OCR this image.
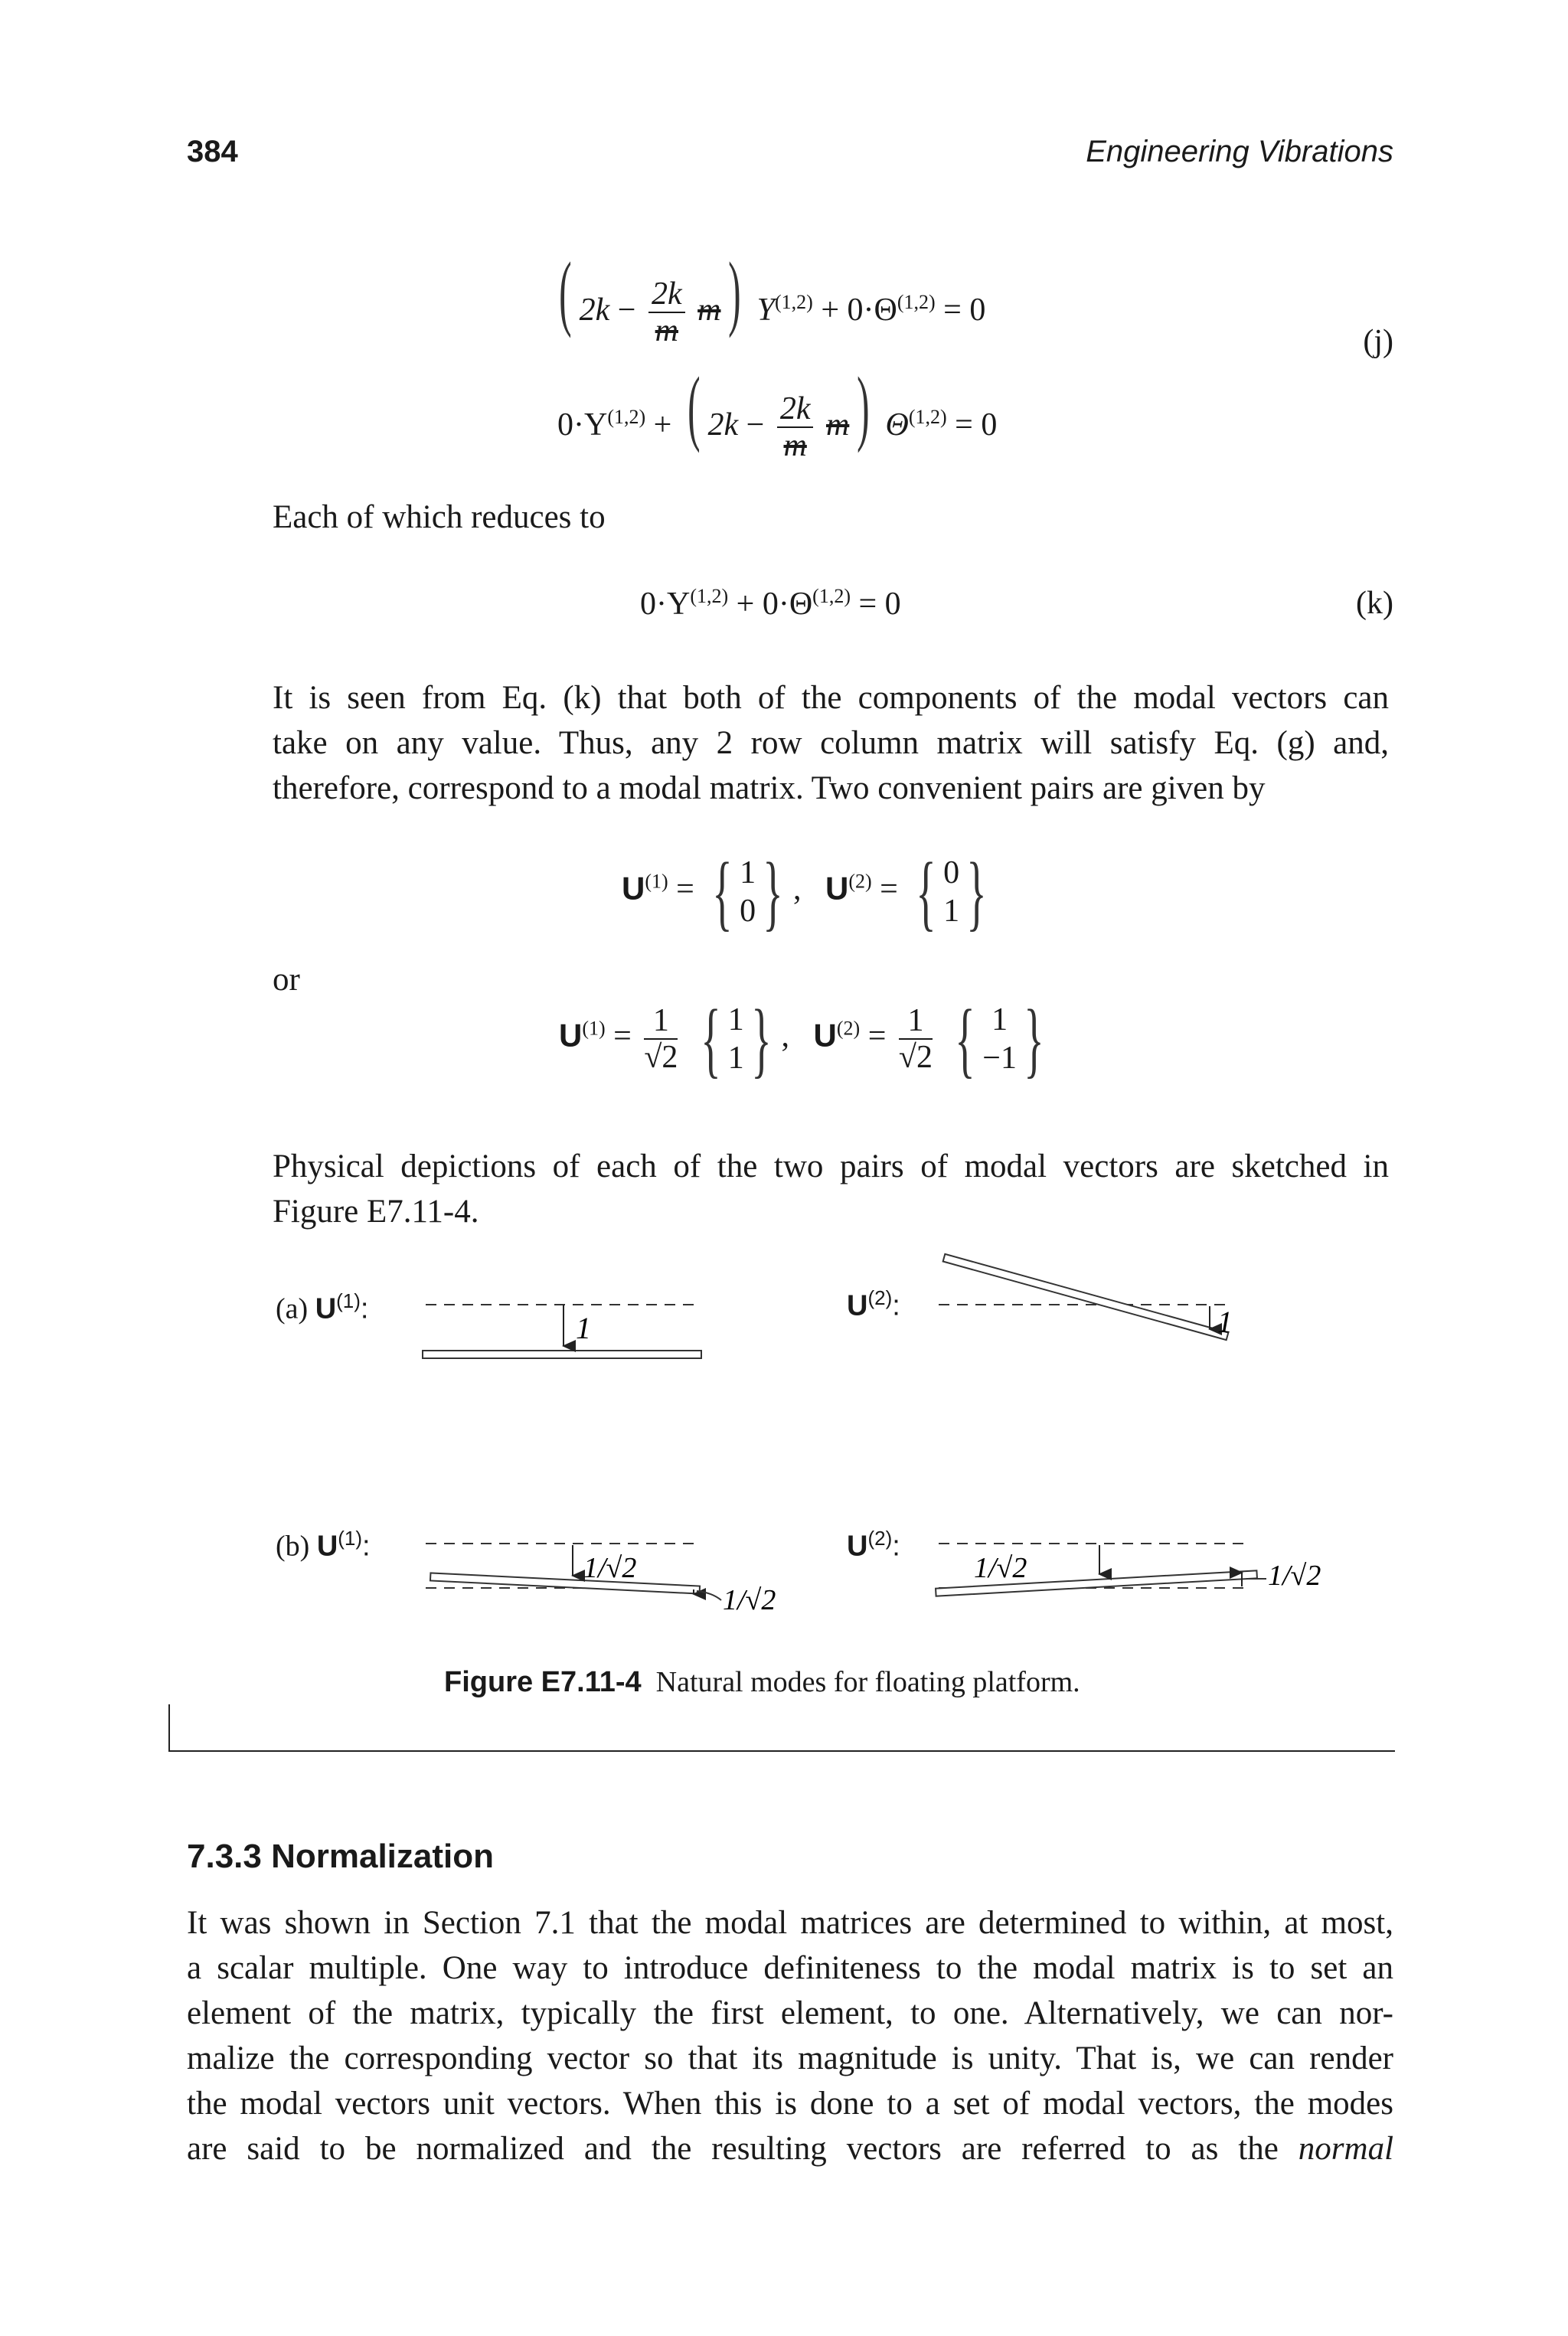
384	Engineering Vibrations
( $2k - \frac{2k}{m} m$) $Y^{(1,2)} + 0\cdot\Theta^{(1,2)} = 0$
$0\cdot Y^{(1,2)}$ + ( $2k - \frac{2k}{m} m$) Θ$^{(1,2)}$ = 0
(j)
Each of which reduces to
$0\cdot Y^{(1,2)} + 0\cdot\Theta^{(1,2)} = 0$	(k)
It is seen from Eq. (k) that both of the components of the modal vectors can
take on any value. Thus, any 2 row column matrix will satisfy Eq. (g) and,
therefore, correspond to a modal matrix. Two convenient pairs are given by
$U^{(1)}$ = { 1
0} ,   $U^{(2)}$ = { 0
1}
or
$U^{(1)} = \frac{1}{√2}$ { 1
1} ,   $U^{(2)} = \frac{1}{√2}$ { 1
−1}
Physical depictions of each of the two pairs of modal vectors are sketched in
Figure E7.11-4.
(a) $U^{(1)}$:	$U^{(2)}$:
(b) $U^{(1)}$:	$U^{(2)}$:
1	1
1/√2
1/√2
1/√2	1/√2
Figure E7.11-4 Natural modes for floating platform.
7.3.3 Normalization
It was shown in Section 7.1 that the modal matrices are determined to within, at most,
a scalar multiple. One way to introduce definiteness to the modal matrix is to set an
element of the matrix, typically the first element, to one. Alternatively, we can nor-
malize the corresponding vector so that its magnitude is unity. That is, we can render
the modal vectors unit vectors. When this is done to a set of modal vectors, the modes
are said to be normalized and the resulting vectors are referred to as the normal
